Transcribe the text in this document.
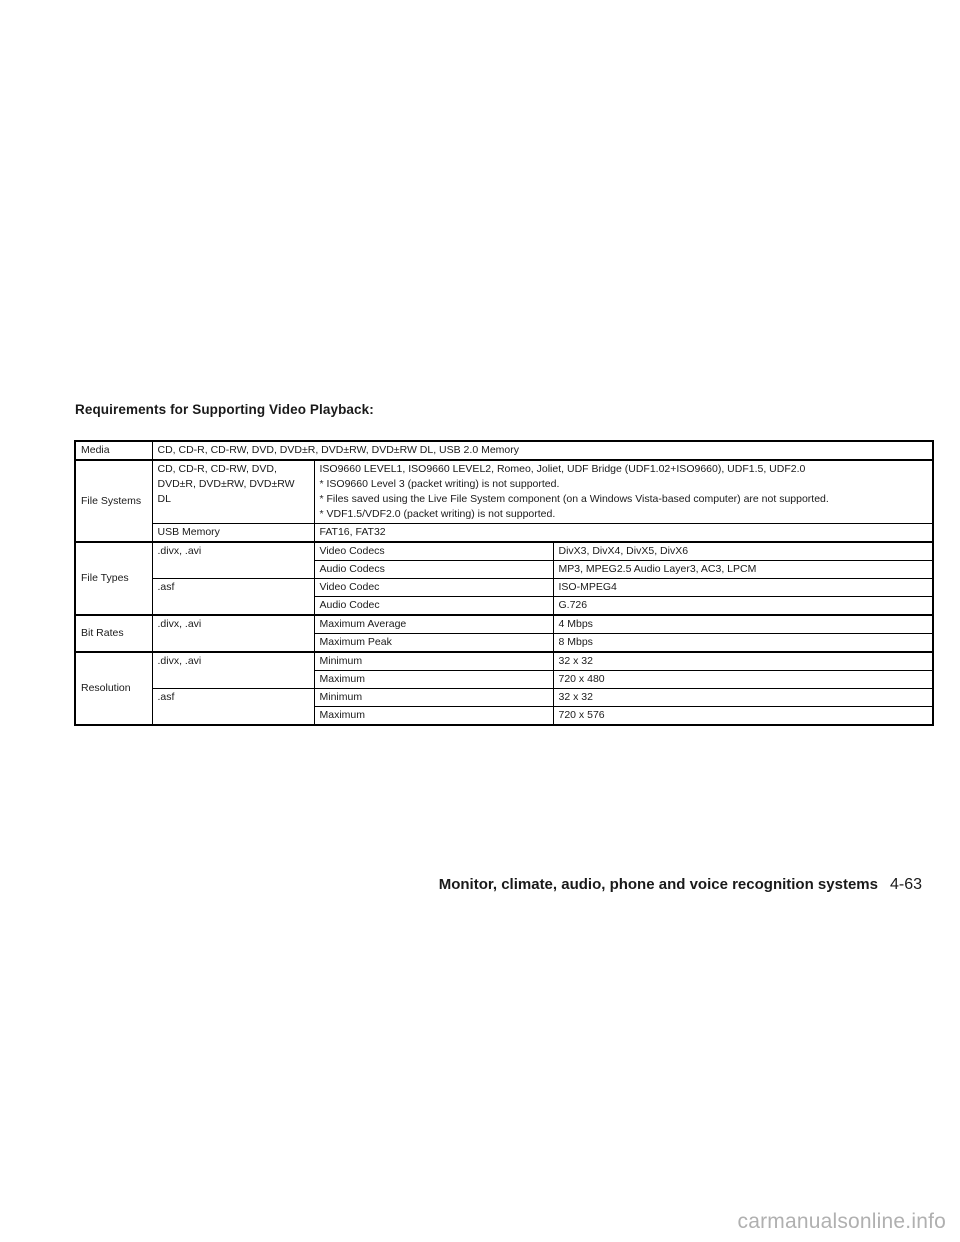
Requirements for Supporting Video Playback:
Media	CD, CD-R, CD-RW, DVD, DVD±R, DVD±RW, DVD±RW DL, USB 2.0 Memory		
File Systems	CD, CD-R, CD-RW, DVD, DVD±R, DVD±RW, DVD±RW DL	ISO9660 LEVEL1, ISO9660 LEVEL2, Romeo, Joliet, UDF Bridge (UDF1.02+ISO9660), UDF1.5, UDF2.0
* ISO9660 Level 3 (packet writing) is not supported.
* Files saved using the Live File System component (on a Windows Vista-based computer) are not supported.
* VDF1.5/VDF2.0 (packet writing) is not supported.	

	USB Memory	FAT16, FAT32	
File Types	.divx, .avi	Video Codecs	DivX3, DivX4, DivX5, DivX6
		Audio Codecs	MP3, MPEG2.5 Audio Layer3, AC3, LPCM
	.asf	Video Codec	ISO-MPEG4
		Audio Codec	G.726
Bit Rates	.divx, .avi	Maximum Average	4 Mbps
		Maximum Peak	8 Mbps
Resolution	.divx, .avi	Minimum	32 x 32
		Maximum	720 x 480
	.asf	Minimum	32 x 32
		Maximum	720 x 576
Monitor, climate, audio, phone and voice recognition systems 4-63
carmanualsonline.info
